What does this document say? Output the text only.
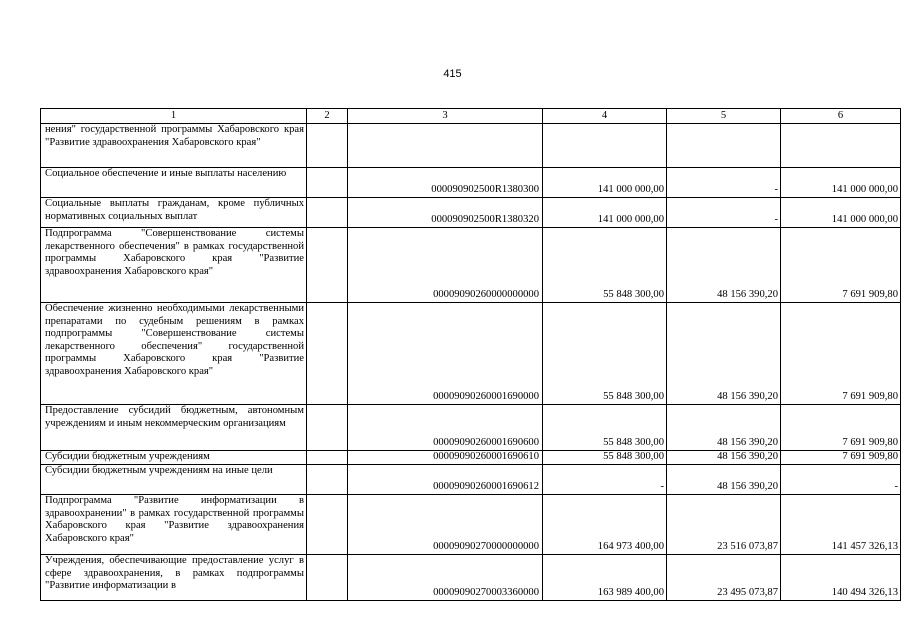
415
1	2	3	4	5	6
нения" государственной программы Хабаровского края "Развитие здравоохранения Хабаровского края"					
Социальное обеспечение и иные выплаты населению		000090902500R1380300	141 000 000,00	-	141 000 000,00
Социальные выплаты гражданам, кроме публичных нормативных социальных выплат		000090902500R1380320	141 000 000,00	-	141 000 000,00
Подпрограмма "Совершенствование системы лекарственного обеспечения" в рамках государственной программы Хабаровского края "Развитие здравоохранения Хабаровского края"		00009090260000000000	55 848 300,00	48 156 390,20	7 691 909,80
Обеспечение жизненно необходимыми лекарственными препаратами по судебным решениям в рамках подпрограммы "Совершенствование системы лекарственного обеспечения" государственной программы Хабаровского края "Развитие здравоохранения Хабаровского края"		00009090260001690000	55 848 300,00	48 156 390,20	7 691 909,80
Предоставление субсидий бюджетным, автономным учреждениям и иным некоммерческим организациям		00009090260001690600	55 848 300,00	48 156 390,20	7 691 909,80
Субсидии бюджетным учреждениям		00009090260001690610	55 848 300,00	48 156 390,20	7 691 909,80
Субсидии бюджетным учреждениям на иные цели		00009090260001690612	-	48 156 390,20	-
Подпрограмма "Развитие информатизации в здравоохранении" в рамках государственной программы Хабаровского края "Развитие здравоохранения Хабаровского края"		00009090270000000000	164 973 400,00	23 516 073,87	141 457 326,13
Учреждения, обеспечивающие предоставление услуг в сфере здравоохранения, в рамках подпрограммы "Развитие информатизации в		00009090270003360000	163 989 400,00	23 495 073,87	140 494 326,13
